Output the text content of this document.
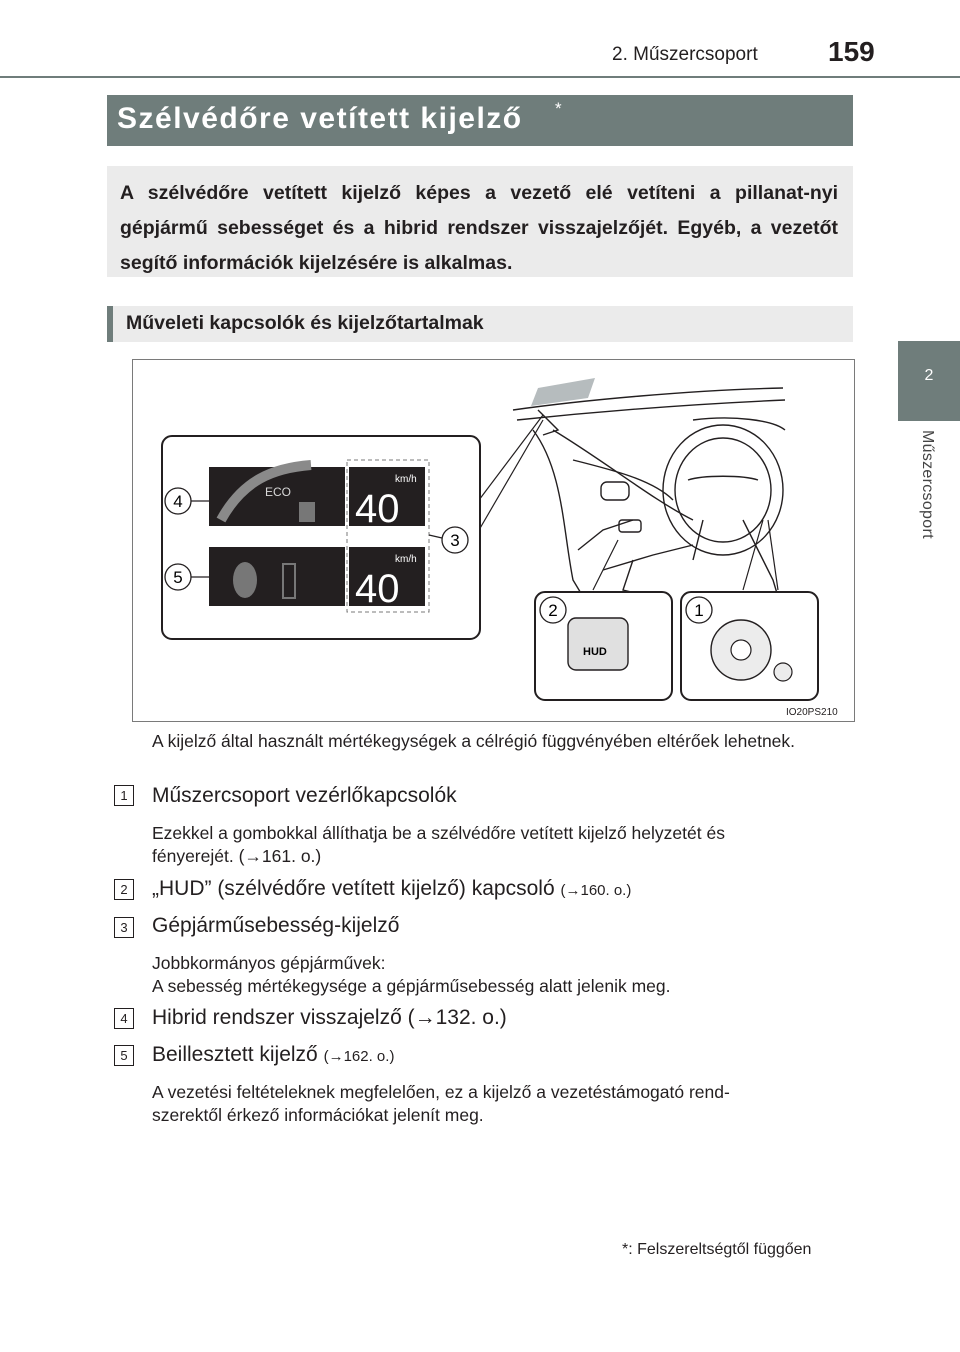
2. Műszercsoport	159
2
Műszercsoport
Szélvédőre vetített kijelző *
A szélvédőre vetített kijelző képes a vezető elé vetíteni a pillanat-nyi gépjármű sebességet és a hibrid rendszer visszajelzőjét. Egyéb, a vezetőt segítő információk kijelzésére is alkalmas.
Műveleti kapcsolók és kijelzőtartalmak
ECO
km/h
40
km/h
40
4
5
3
HUD
2	1
IO20PS210
A kijelző által használt mértékegységek a célrégió függvényében eltérőek lehetnek.
1	Műszercsoport vezérlőkapcsolók
Ezekkel a gombokkal állíthatja be a szélvédőre vetített kijelző helyzetét és
fényerejét. (→161. o.)
2	„HUD” (szélvédőre vetített kijelző) kapcsoló (→160. o.)
3	Gépjárműsebesség-kijelző
Jobbkormányos gépjárművek:
A sebesség mértékegysége a gépjárműsebesség alatt jelenik meg.
4	Hibrid rendszer visszajelző (→132. o.)
5	Beillesztett kijelző (→162. o.)
A vezetési feltételeknek megfelelően, ez a kijelző a vezetéstámogató rend-
szerektől érkező információkat jelenít meg.
*: Felszereltségtől függően
